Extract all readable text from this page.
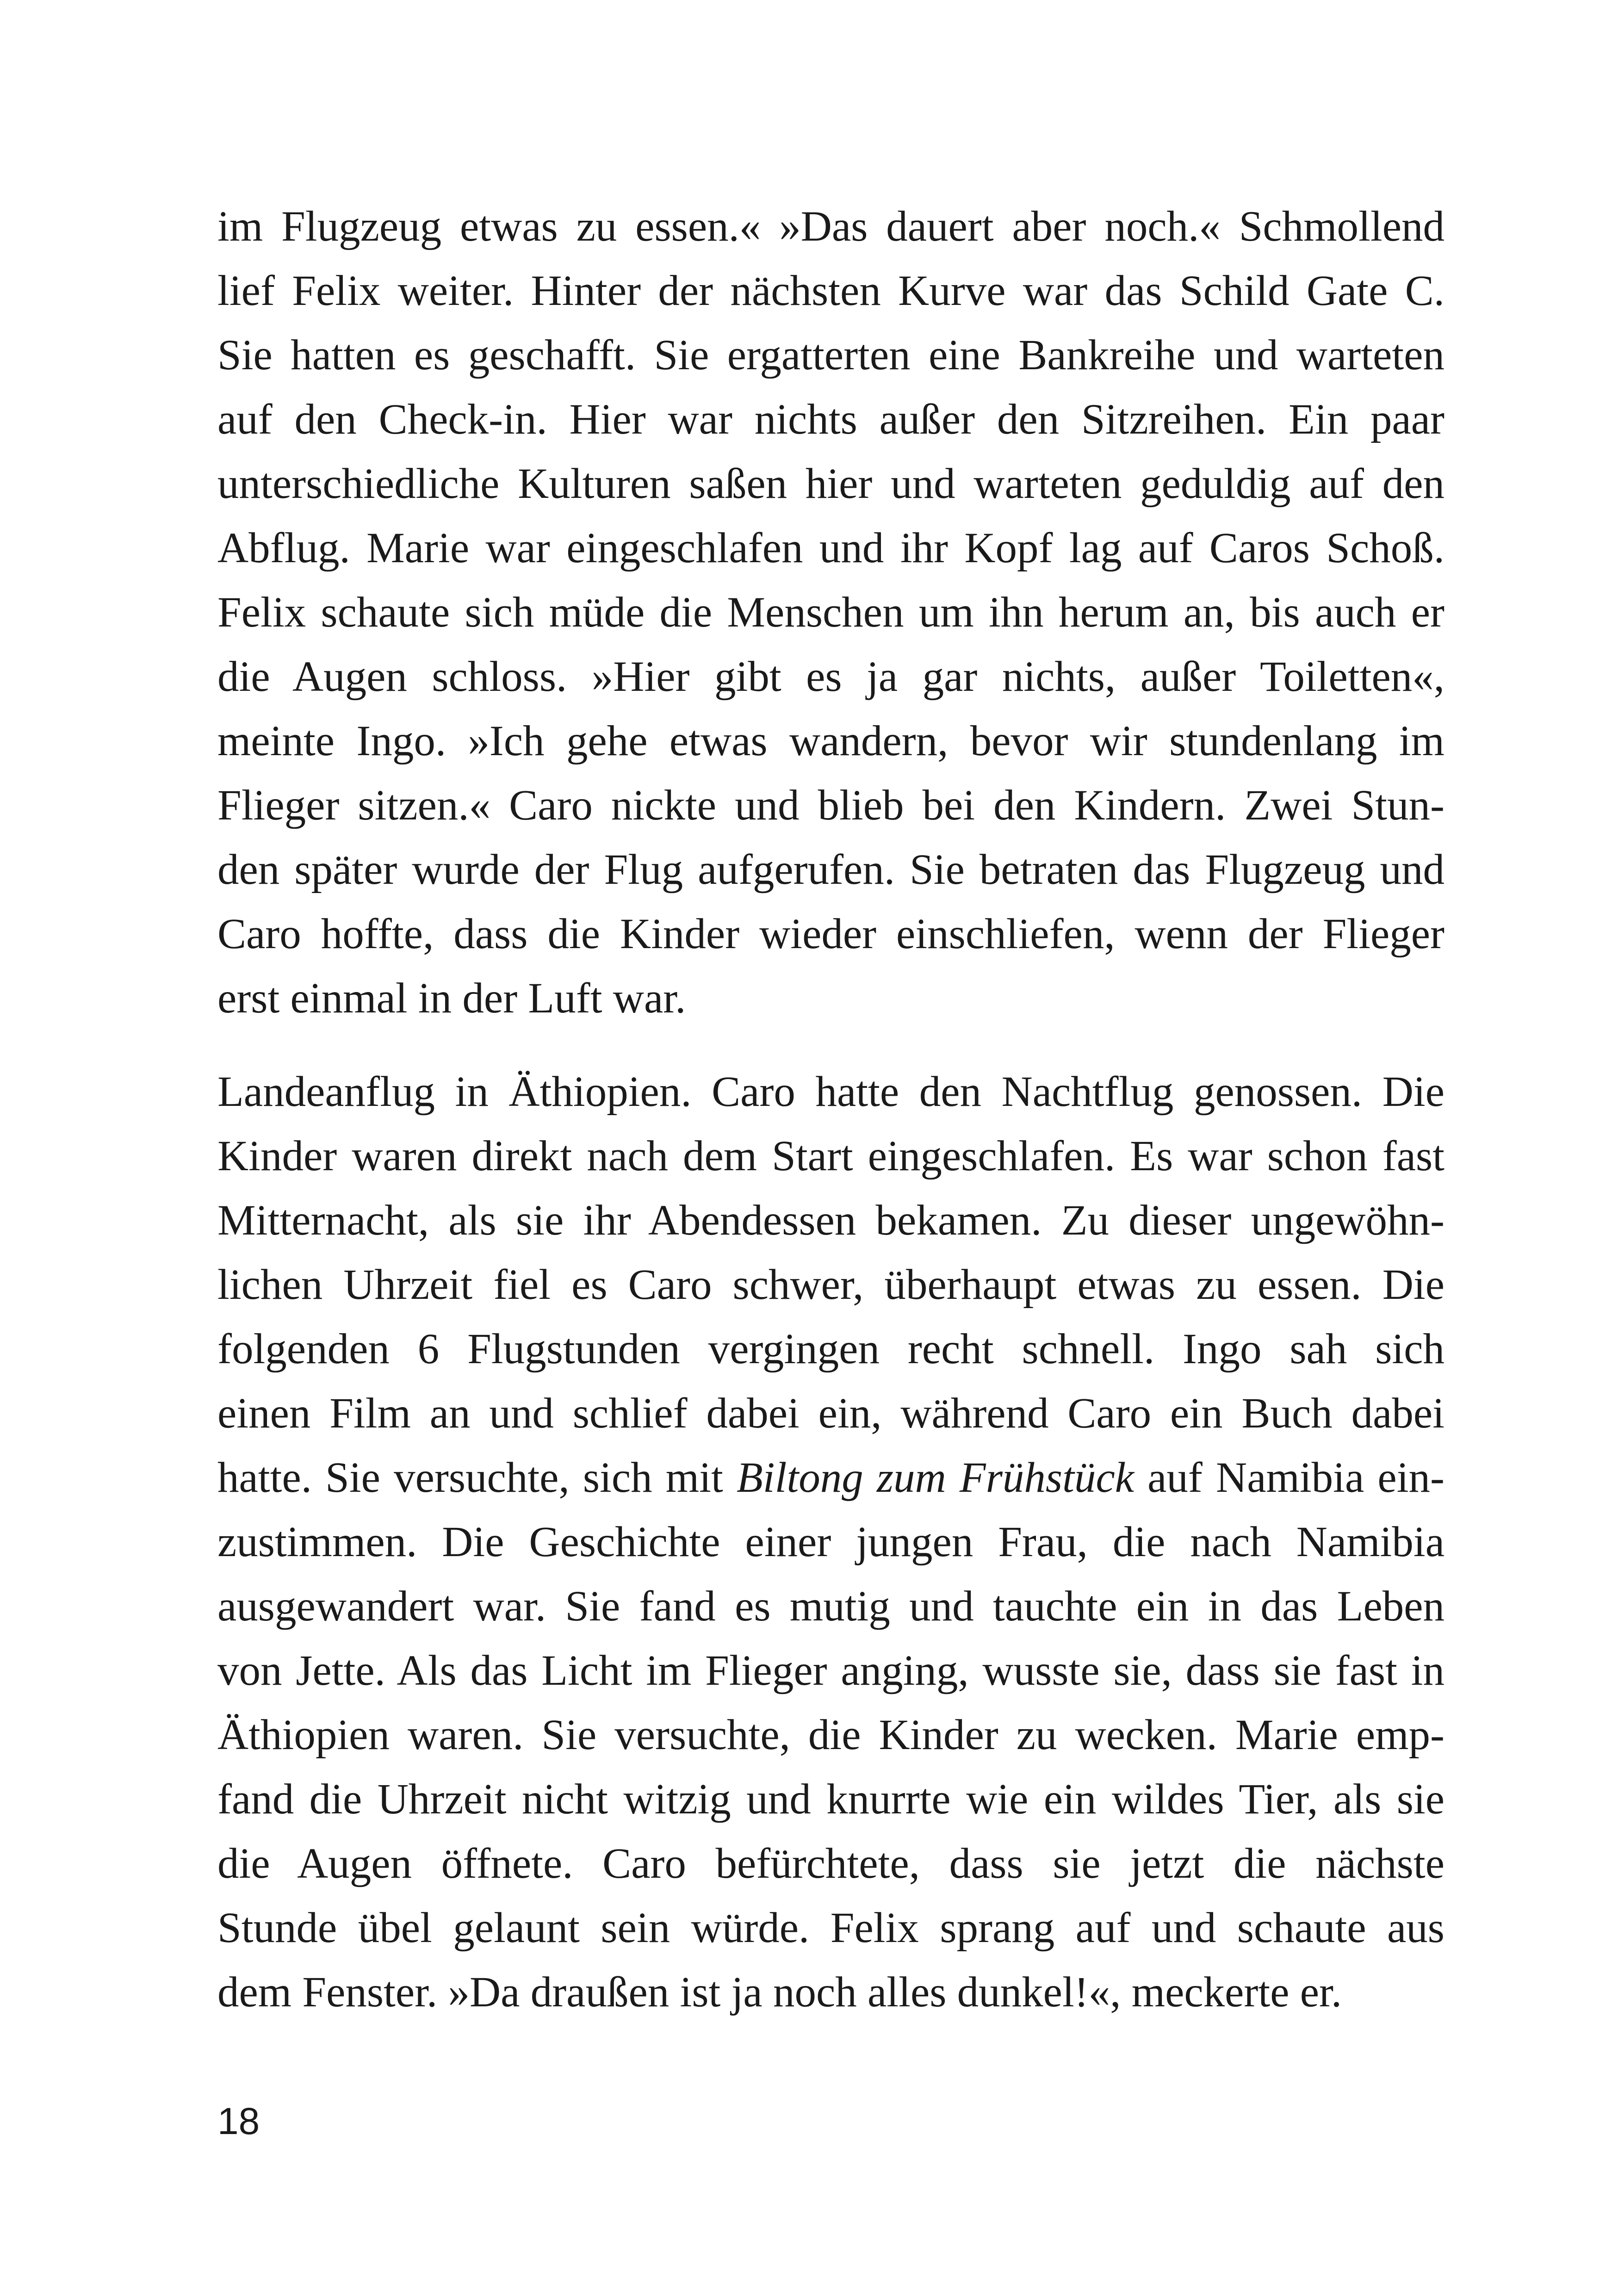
im Flugzeug etwas zu essen.« »Das dauert aber noch.« Schmollend
lief Felix weiter. Hinter der nächsten Kurve war das Schild Gate C.
Sie hatten es geschafft. Sie ergatterten eine Bankreihe und warteten
auf den Check-in. Hier war nichts außer den Sitzreihen. Ein paar
unterschiedliche Kulturen saßen hier und warteten geduldig auf den
Abflug. Marie war eingeschlafen und ihr Kopf lag auf Caros Schoß.
Felix schaute sich müde die Menschen um ihn herum an, bis auch er
die Augen schloss. »Hier gibt es ja gar nichts, außer Toiletten«,
meinte Ingo. »Ich gehe etwas wandern, bevor wir stundenlang im
Flieger sitzen.« Caro nickte und blieb bei den Kindern. Zwei Stun-
den später wurde der Flug aufgerufen. Sie betraten das Flugzeug und
Caro hoffte, dass die Kinder wieder einschliefen, wenn der Flieger
erst einmal in der Luft war.
Landeanflug in Äthiopien. Caro hatte den Nachtflug genossen. Die
Kinder waren direkt nach dem Start eingeschlafen. Es war schon fast
Mitternacht, als sie ihr Abendessen bekamen. Zu dieser ungewöhn-
lichen Uhrzeit fiel es Caro schwer, überhaupt etwas zu essen. Die
folgenden 6 Flugstunden vergingen recht schnell. Ingo sah sich
einen Film an und schlief dabei ein, während Caro ein Buch dabei
hatte. Sie versuchte, sich mit Biltong zum Frühstück auf Namibia ein-
zustimmen. Die Geschichte einer jungen Frau, die nach Namibia
ausgewandert war. Sie fand es mutig und tauchte ein in das Leben
von Jette. Als das Licht im Flieger anging, wusste sie, dass sie fast in
Äthiopien waren. Sie versuchte, die Kinder zu wecken. Marie emp-
fand die Uhrzeit nicht witzig und knurrte wie ein wildes Tier, als sie
die Augen öffnete. Caro befürchtete, dass sie jetzt die nächste
Stunde übel gelaunt sein würde. Felix sprang auf und schaute aus
dem Fenster. »Da draußen ist ja noch alles dunkel!«, meckerte er.
18
